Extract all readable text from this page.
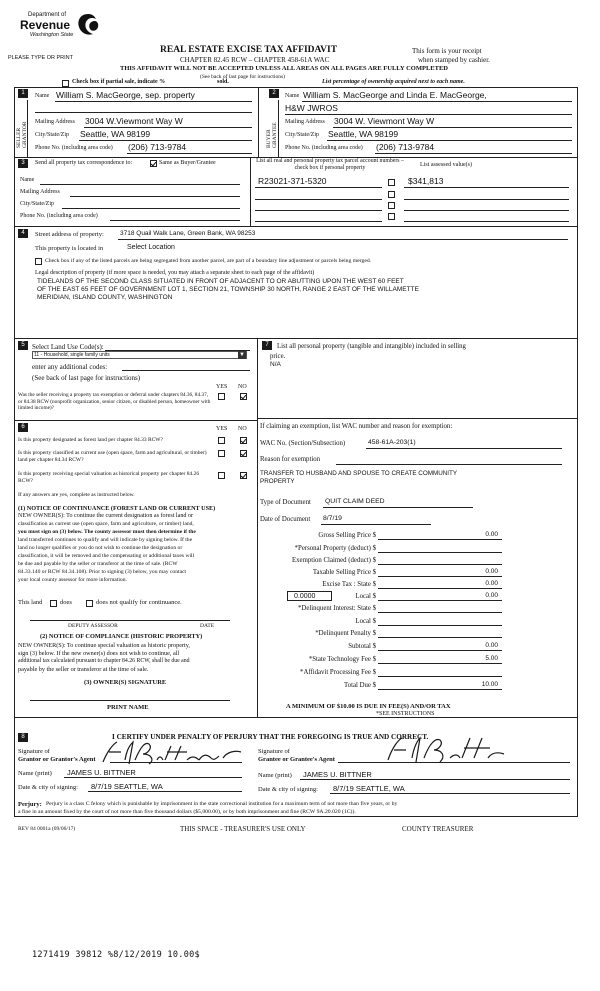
Department of
Revenue
Washington State
PLEASE TYPE OR PRINT
REAL ESTATE EXCISE TAX AFFIDAVIT
CHAPTER 82.45 RCW – CHAPTER 458-61A WAC
THIS AFFIDAVIT WILL NOT BE ACCEPTED UNLESS ALL AREAS ON ALL PAGES ARE FULLY COMPLETED
(See back of last page for instructions)
This form is your receipt
when stamped by cashier.
Check box if partial sale, indicate %	sold.	List percentage of ownership acquired next to each name.
1
SELLER GRANTOR
Name William S. MacGeorge, sep. property
Mailing Address 3004 W.Viewmont Way W
City/State/Zip Seattle, WA 98199
Phone No. (including area code) (206) 713-9784
2
BUYER GRANTEE
Name William S. MacGeorge and Linda E. MacGeorge,
H&W JWROS
Mailing Address 3004 W. Viewmont Way W
City/State/Zip Seattle, WA 98199
Phone No. (including area code) (206) 713-9784
3	Send all property tax correspondence to:	Same as Buyer/Grantee
Name
Mailing Address
City/State/Zip
Phone No. (including area code)
List all real and personal property tax parcel account numbers – check box if personal property	List assessed value(s)
R23021-371-5320	$341,813
4	Street address of property: 3718 Quail Walk Lane, Green Bank, WA 98253
This property is located in	Select Location
Check box if any of the listed parcels are being segregated from another parcel, are part of a boundary line adjustment or parcels being merged.
Legal description of property (if more space is needed, you may attach a separate sheet to each page of the affidavit)
TIDELANDS OF THE SECOND CLASS SITUATED IN FRONT OF ADJACENT TO OR ABUTTING UPON THE WEST 60 FEET
OF THE EAST 65 FEET OF GOVERNMENT LOT 1, SECTION 21, TOWNSHIP 30 NORTH, RANGE 2 EAST OF THE WILLAMETTE
MERIDIAN, ISLAND COUNTY, WASHINGTON
5	Select Land Use Code(s):
11 - Household, single family units	▼
enter any additional codes:
(See back of last page for instructions)
YES NO
Was the seller receiving a property tax exemption or deferral under chapters 84.36, 84.37, or 84.38 RCW (nonprofit organization, senior citizen, or disabled person, homeowner with limited income)?
6	YES NO
Is this property designated as forest land per chapter 84.33 RCW?
Is this property classified as current use (open space, farm and agricultural, or timber) land per chapter 84.34 RCW?
Is this property receiving special valuation as historical property per chapter 84.26 RCW?
If any answers are yes, complete as instructed below.
(1) NOTICE OF CONTINUANCE (FOREST LAND OR CURRENT USE)
NEW OWNER(S): To continue the current designation as forest land or
classification as current use (open space, farm and agriculture, or timber) land,
you must sign on (3) below. The county assessor must then determine if the
land transferred continues to qualify and will indicate by signing below. If the
land no longer qualifies or you do not wish to continue the designation or
classification, it will be removed and the compensating or additional taxes will
be due and payable by the seller or transferor at the time of sale. (RCW
84.33.140 or RCW 84.34.108). Prior to signing (3) below, you may contact
your local county assessor for more information.
This land	does	does not qualify for continuance.
DEPUTY ASSESSOR	DATE
(2) NOTICE OF COMPLIANCE (HISTORIC PROPERTY)
NEW OWNER(S): To continue special valuation as historic property,
sign (3) below. If the new owner(s) does not wish to continue, all
additional tax calculated pursuant to chapter 84.26 RCW, shall be due and
payable by the seller or transferor at the time of sale.
(3) OWNER(S) SIGNATURE
PRINT NAME
7	List all personal property (tangible and intangible) included in selling
price.
N/A
If claiming an exemption, list WAC number and reason for exemption:
WAC No. (Section/Subsection)	458-61A-203(1)
Reason for exemption
TRANSFER TO HUSBAND AND SPOUSE TO CREATE COMMUNITY
PROPERTY
Type of Document QUIT CLAIM DEED
Date of Document 8/7/19
Gross Selling Price $	0.00
*Personal Property (deduct) $
Exemption Claimed (deduct) $
Taxable Selling Price $	0.00
Excise Tax : State $	0.00
0.0000	Local $	0.00
*Delinquent Interest: State $
Local $
*Delinquent Penalty $
Subtotal $	0.00
*State Technology Fee $	5.00
*Affidavit Processing Fee $
Total Due $	10.00
A MINIMUM OF $10.00 IS DUE IN FEE(S) AND/OR TAX
*SEE INSTRUCTIONS
8	I CERTIFY UNDER PENALTY OF PERJURY THAT THE FOREGOING IS TRUE AND CORRECT.
Signature of
Grantor or Grantor's Agent
Name (print) JAMES U. BITTNER
Date & city of signing: 8/7/19 SEATTLE, WA
Signature of
Grantee or Grantee's Agent
Name (print) JAMES U. BITTNER
Date & city of signing: 8/7/19 SEATTLE, WA
Perjury: Perjury is a class C felony which is punishable by imprisonment in the state correctional institution for a maximum term of not more than five years, or by
a fine in an amount fixed by the court of not more than five thousand dollars ($5,000.00), or by both imprisonment and fine (RCW 9A.20.020 (1C)).
REV 84 0001a (09/06/17)	THIS SPACE - TREASURER'S USE ONLY	COUNTY TREASURER
1271419 39812 %8/12/2019 10.00$
